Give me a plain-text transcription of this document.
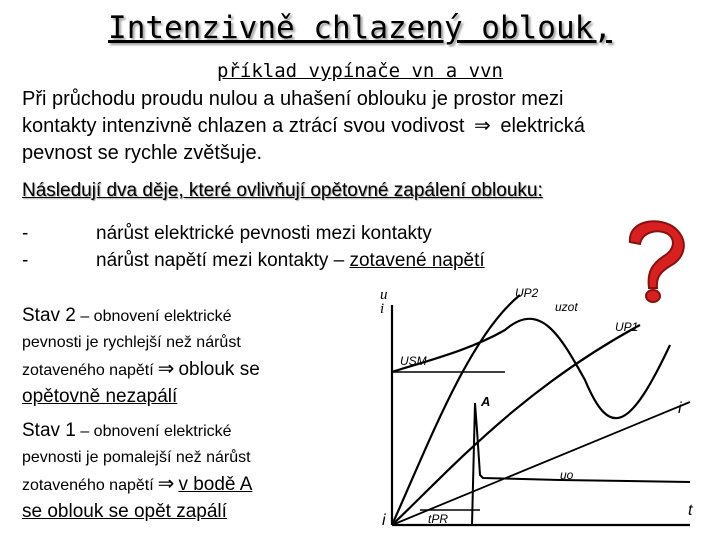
Intenzivně chlazený oblouk,
příklad vypínače vn a vvn
Při průchodu proudu nulou a uhašení oblouku je prostor mezi
kontakty intenzivně chlazen a ztrácí svou vodivost ⇒ elektrická
pevnost se rychle zvětšuje.
Následují dva děje, které ovlivňují opětovné zapálení oblouku:
-	nárůst elektrické pevnosti mezi kontakty
-	nárůst napětí mezi kontakty – zotavené napětí
Stav 2 – obnovení elektrické
pevnosti je rychlejší než nárůst
zotaveného napětí ⇒ oblouk se
opětovně nezapálí
Stav 1 – obnovení elektrické
pevnosti je pomalejší než nárůst
zotaveného napětí ⇒ v bodě A
se oblouk se opět zapálí
u
i
UP2
uzot
UP1
USM
A	i
uo
i	tPR	t
